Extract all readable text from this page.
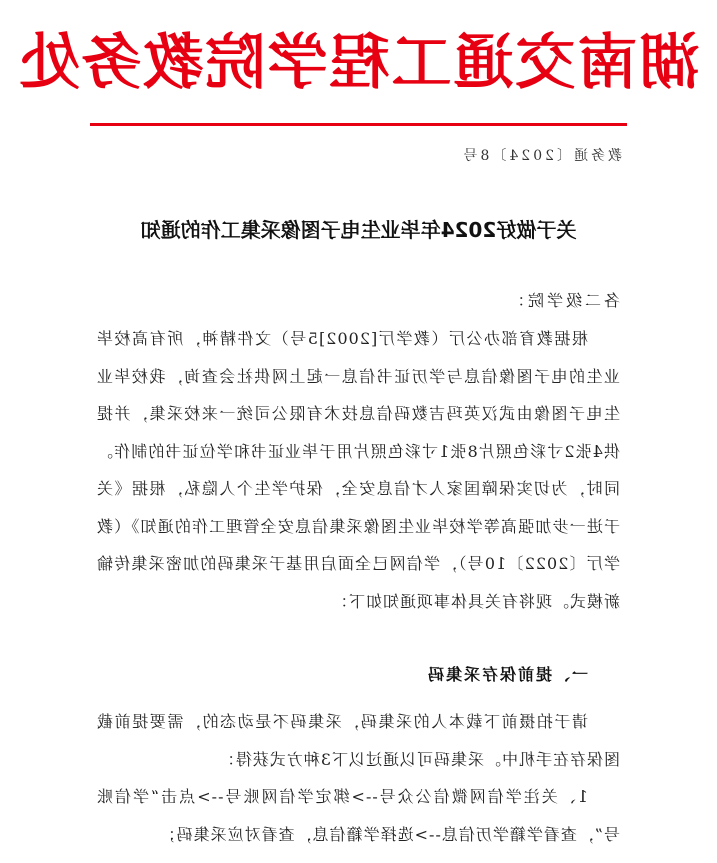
湖南交通工程学院教务处
教务通〔2024〕8号
关于做好2024年毕业生电子图像采集工作的通知
各二级学院：
根据教育部办公厅（教学厅[2002]5号）文件精神，所有高校毕业生的电子图像信息与学历证书信息一起上网供社会查询，我校毕业生电子图像由武汉英玛吉数码信息技术有限公司统一来校采集，并提供4张2寸彩色照片8张1寸彩色照片用于毕业证书和学位证书的制作。同时，为切实保障国家人才信息安全，保护学生个人隐私，根据《关于进一步加强高等学校毕业生图像采集信息安全管理工作的通知》（教学厅〔2022〕10号），学信网已全面启用基于采集码的加密采集传输新模式。现将有关具体事项通知如下：
一、提前保存采集码
请于拍摄前下载本人的采集码，采集码不是动态的，需要提前截图保存在手机中。采集码可以通过以下3种方式获得：
1、关注学信网微信公众号-->绑定学信网账号-->点击“学信账号”，查看学籍学历信息-->选择学籍信息，查看对应采集码；
